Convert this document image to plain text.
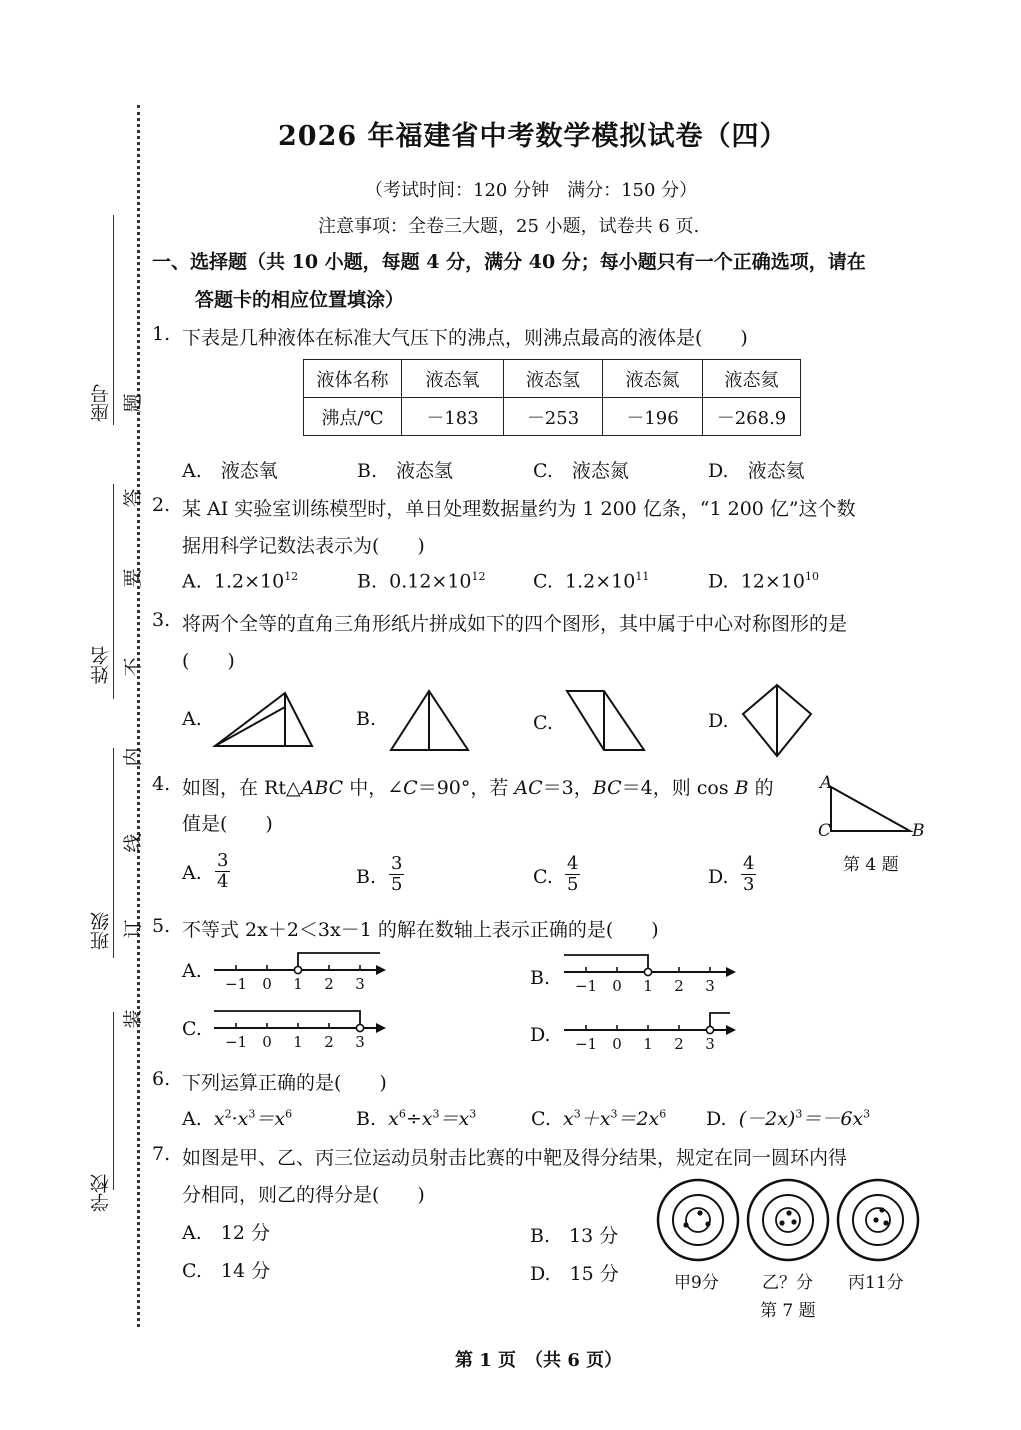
座号
姓名
班级
学校
题
答
要
不
内
线
订
装
2026 年福建省中考数学模拟试卷（四）
（考试时间：120 分钟　满分：150 分）
注意事项：全卷三大题，25 小题，试卷共 6 页.
一、选择题（共 10 小题，每题 4 分，满分 40 分；每小题只有一个正确选项，请在
答题卡的相应位置填涂）
1. 下表是几种液体在标准大气压下的沸点，则沸点最高的液体是(　　)
液体名称	液态氧	液态氢	液态氮	液态氦
沸点/℃	－183	－253	－196	－268.9
A.　液态氧	B.　液态氢	C.　液态氮	D.　液态氦
2. 某 AI 实验室训练模型时，单日处理数据量约为 1 200 亿条，“1 200 亿”这个数
据用科学记数法表示为(　　)
A. $1.2\times 10^{12}$	B. $0.12\times 10^{12}$ C. $1.2\times 10^{11}$	D. $12\times 10^{10}$
3. 将两个全等的直角三角形纸片拼成如下的四个图形，其中属于中心对称图形的是
(　　)
A.	B.	C.	D.
4. 如图，在 Rt△ABC 中，∠C＝90°，若 AC＝3，BC＝4，则 cos B 的
值是(　　)
A
C	B
第 4 题
A. $\frac{3}{4}$	B. $\frac{3}{5}$	C. $\frac{4}{5}$	D. $\frac{4}{3}$
5. 不等式 2x＋2＜3x－1 的解在数轴上表示正确的是(　　)
A.	B.
C.	D.
−1 0 1 2 3	−1 0 1 2 3
−1 0 1 2 3	−1 0 1 2 3
6. 下列运算正确的是(　　)
A. $x^2\cdot x^3=x^6$	B. $x^6\div x^3=x^3$	C. $x^3+x^3=2x^6$ D. $(-2x)^3=-6x^3$
7. 如图是甲、乙、丙三位运动员射击比赛的中靶及得分结果，规定在同一圆环内得
分相同，则乙的得分是(　　)
A.　12 分	B.　13 分
C.　14 分	D.　15 分	甲9分	乙？分 丙11分
第 7 题
第 1 页　（共 6 页）
